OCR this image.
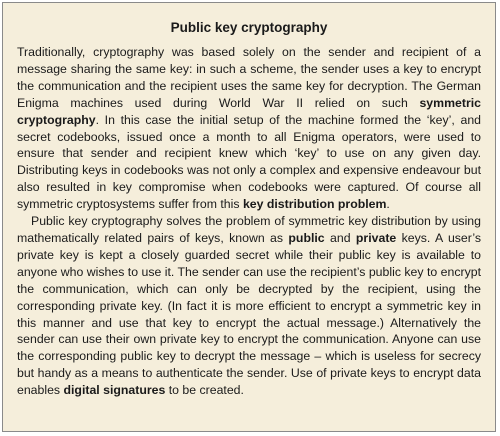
Public key cryptography

Traditionally, cryptography was based solely on the sender and recipient of a message sharing the same key: in such a scheme, the sender uses a key to encrypt the communication and the recipient uses the same key for decryption. The German Enigma machines used during World War II relied on such symmetric cryptography. In this case the initial setup of the machine formed the ‘key’, and secret codebooks, issued once a month to all Enigma operators, were used to ensure that sender and recipient knew which ‘key’ to use on any given day. Distributing keys in codebooks was not only a complex and expensive endeavour but also resulted in key compromise when codebooks were captured. Of course all symmetric cryptosystems suffer from this key distribution problem.

Public key cryptography solves the problem of symmetric key distribution by using mathematically related pairs of keys, known as public and private keys. A user’s private key is kept a closely guarded secret while their public key is available to anyone who wishes to use it. The sender can use the recipient’s public key to encrypt the communication, which can only be decrypted by the recipient, using the corresponding private key. (In fact it is more efficient to encrypt a symmetric key in this manner and use that key to encrypt the actual message.) Alternatively the sender can use their own private key to encrypt the communication. Anyone can use the corresponding public key to decrypt the message – which is useless for secrecy but handy as a means to authenticate the sender. Use of private keys to encrypt data enables digital signatures to be created.
